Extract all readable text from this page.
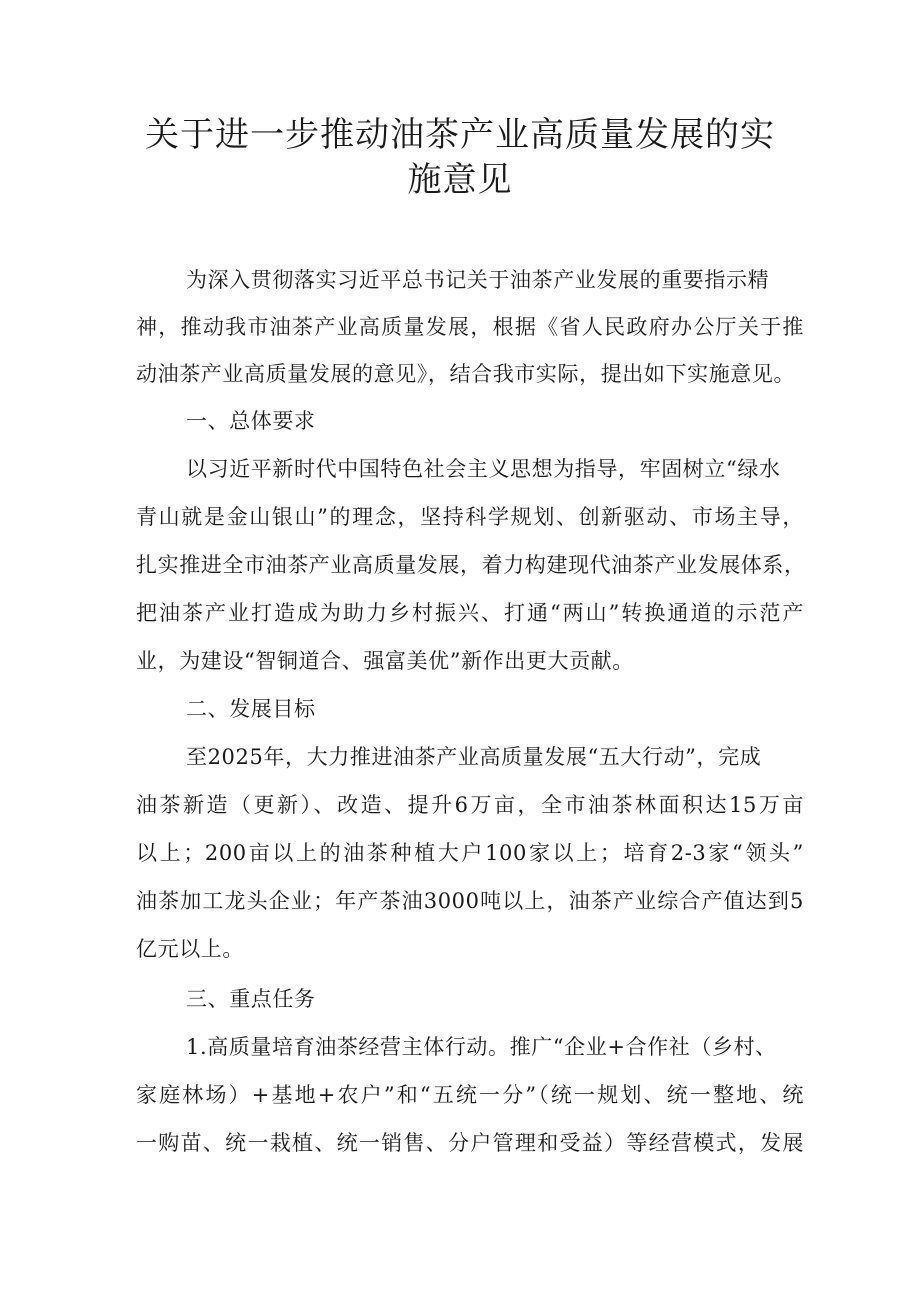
关于进一步推动油茶产业高质量发展的实
施意见
为深入贯彻落实习近平总书记关于油茶产业发展的重要指示精
神，推动我市油茶产业高质量发展，根据《省人民政府办公厅关于推
动油茶产业高质量发展的意见》，结合我市实际，提出如下实施意见。
一、总体要求
以习近平新时代中国特色社会主义思想为指导，牢固树立“绿水
青山就是金山银山”的理念，坚持科学规划、创新驱动、市场主导，
扎实推进全市油茶产业高质量发展，着力构建现代油茶产业发展体系，
把油茶产业打造成为助力乡村振兴、打通“两山”转换通道的示范产
业，为建设“智铜道合、强富美优”新作出更大贡献。
二、发展目标
至2025年，大力推进油茶产业高质量发展“五大行动”，完成
油茶新造（更新）、改造、提升6万亩，全市油茶林面积达15万亩
以上；200亩以上的油茶种植大户100家以上；培育2-3家“领头”
油茶加工龙头企业；年产茶油3000吨以上，油茶产业综合产值达到5
亿元以上。
三、重点任务
1.高质量培育油茶经营主体行动。推广“企业+合作社（乡村、
家庭林场）+基地+农户”和“五统一分”（统一规划、统一整地、统
一购苗、统一栽植、统一销售、分户管理和受益）等经营模式，发展
